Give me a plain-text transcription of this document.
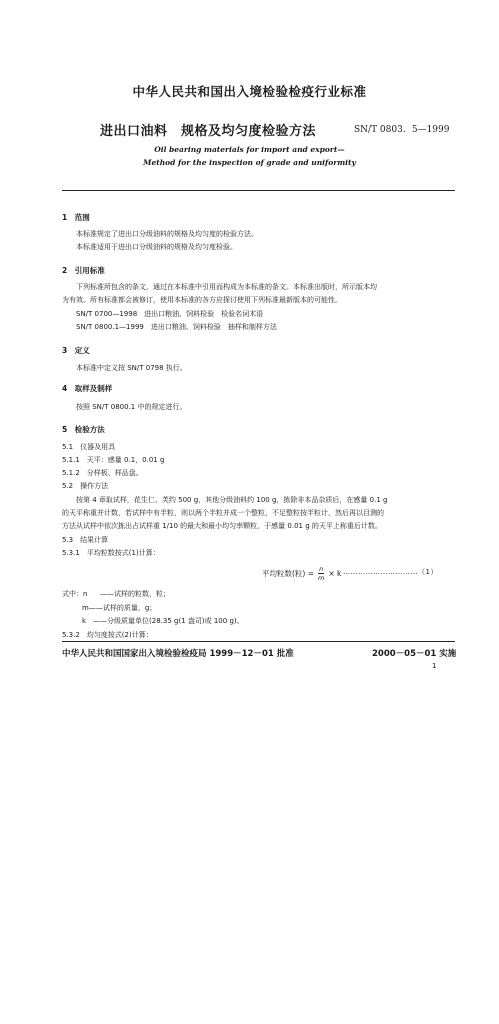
中华人民共和国出入境检验检疫行业标准
进出口油料　规格及均匀度检验方法	SN/T 0803．5—1999
Oil bearing materials for import and export—
Method for the inspection of grade and uniformity
1　范围
本标准规定了进出口分级油料的规格及均匀度的检验方法。
本标准适用于进出口分级油料的规格及均匀度检验。
2　引用标准
下列标准所包含的条文，通过在本标准中引用而构成为本标准的条文。本标准出版时，所示版本均
为有效。所有标准都会被修订，使用本标准的各方应探讨使用下列标准最新版本的可能性。
SN/T 0700—1998　进出口粮油、饲料检验　检验名词术语
SN/T 0800.1—1999　进出口粮油、饲料检验　抽样和制样方法
3　定义
本标准中定义按 SN/T 0798 执行。
4　取样及制样
按照 SN/T 0800.1 中的规定进行。
5　检验方法
5.1　仪器及用具
5.1.1　天平：感量 0.1，0.01 g
5.1.2　分样板、样品盘。
5.2　操作方法
按第 4 章取试样，花生仁、芙约 500 g，其他分级油料约 100 g，拣除非本品杂质后，在感量 0.1 g
的天平称重并计数，若试样中有半粒，则以两个半粒并成一个整粒，不足整粒按半粒计，然后再以目测的
方法从试样中依次拣出占试样重 1/10 的最大和最小均匀率颗粒，于感量 0.01 g 的天平上称重后计数。
5.3　结果计算
5.3.1　平均粒数按式(1)计算：
平均粒数(粒) = $\frac{n}{m} \times k$ …………………………（1）
式中：n ——试样的粒数，粒；
m——试样的质量，g；
k　——分级质量单位(28.35 g(1 盎司)或 100 g)。
5.3.2　均匀度按式(2)计算：
中华人民共和国国家出入境检验检疫局 1999－12－01 批准	2000－05－01 实施
1
